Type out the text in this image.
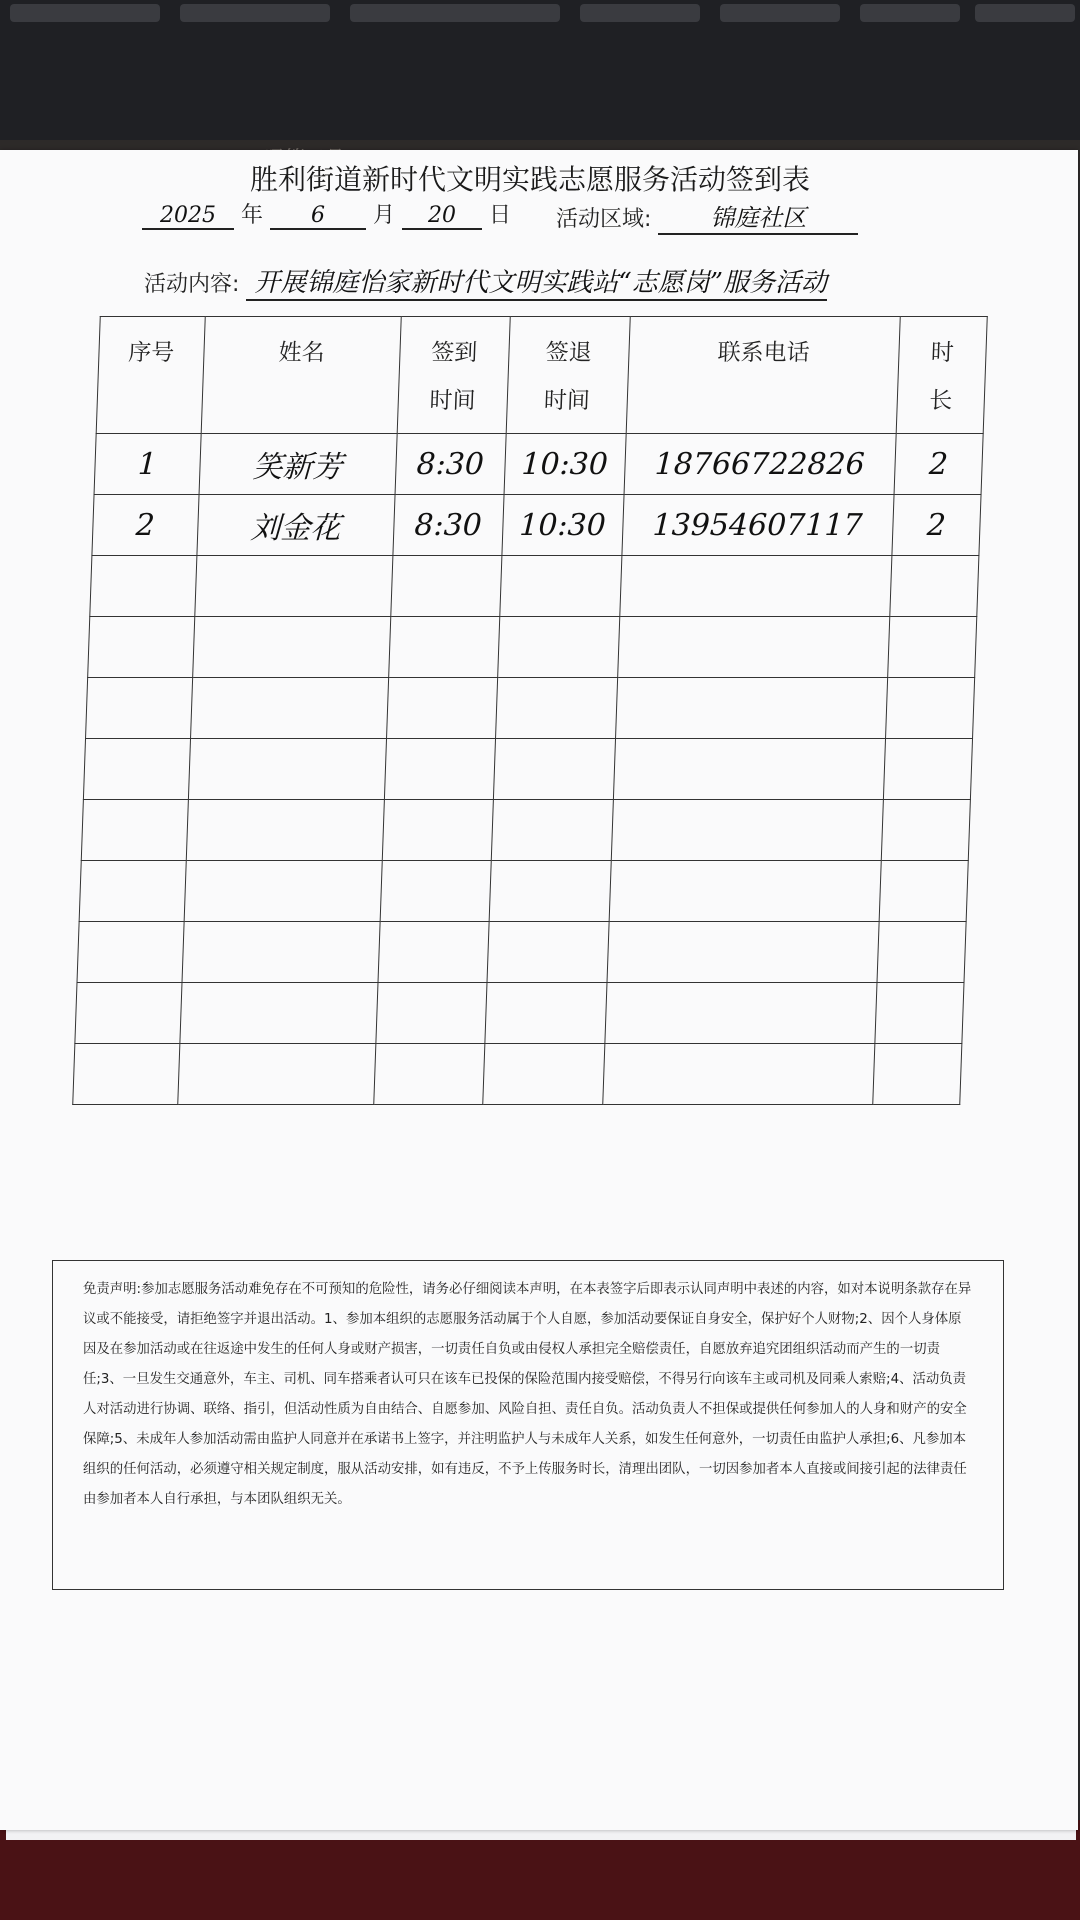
胜利街道新时代文明实践志愿服务活动签到表
2025 年 6 月 20 日 活动区域: 锦庭社区
活动内容: 开展锦庭怡家新时代文明实践站“志愿岗”服务活动
序号	姓名	签到时间	签退时间	联系电话	时长
1	笑新芳	8:30	10:30	18766722826	2
2	刘金花	8:30	10:30	13954607117	2

免责声明:参加志愿服务活动难免存在不可预知的危险性，请务必仔细阅读本声明，在本表签字后即表示认同声明中表述的内容，如对本说明条款存在异议或不能接受，请拒绝签字并退出活动。1、参加本组织的志愿服务活动属于个人自愿，参加活动要保证自身安全，保护好个人财物;2、因个人身体原因及在参加活动或在往返途中发生的任何人身或财产损害，一切责任自负或由侵权人承担完全赔偿责任，自愿放弃追究团组织活动而产生的一切责任;3、一旦发生交通意外，车主、司机、同车搭乘者认可只在该车已投保的保险范围内接受赔偿，不得另行向该车主或司机及同乘人索赔;4、活动负责人对活动进行协调、联络、指引，但活动性质为自由结合、自愿参加、风险自担、责任自负。活动负责人不担保或提供任何参加人的人身和财产的安全保障;5、未成年人参加活动需由监护人同意并在承诺书上签字，并注明监护人与未成年人关系，如发生任何意外，一切责任由监护人承担;6、凡参加本组织的任何活动，必须遵守相关规定制度，服从活动安排，如有违反，不予上传服务时长，清理出团队，一切因参加者本人直接或间接引起的法律责任由参加者本人自行承担，与本团队组织无关。
